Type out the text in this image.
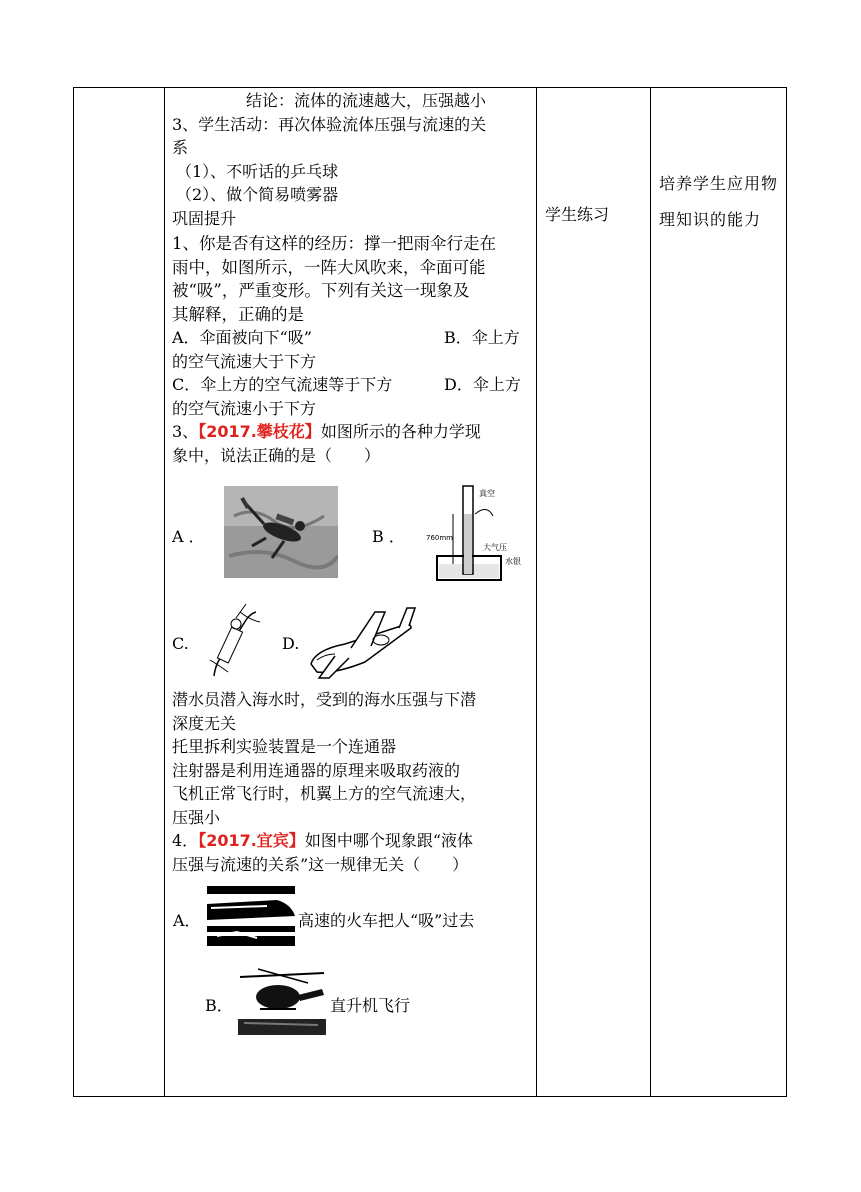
结论：流体的流速越大，压强越小

3、学生活动：再次体验流体压强与流速的关

系

（1）、不听话的乒乓球

（2）、做个简易喷雾器

巩固提升

1、你是否有这样的经历：撑一把雨伞行走在

雨中，如图所示，一阵大风吹来，伞面可能

被“吸”，严重变形。下列有关这一现象及

其解释，正确的是

A．伞面被向下“吸”	B．伞上方

的空气流速大于下方

C．伞上方的空气流速等于下方	D．伞上方

的空气流速小于下方

3、【2017.攀枝花】如图所示的各种力学现

象中，说法正确的是（　　）

A ．	B ．
真空
760mm
大气压
水银
C.	D.

潜水员潜入海水时，受到的海水压强与下潜

深度无关

托里拆利实验装置是一个连通器

注射器是利用连通器的原理来吸取药液的

飞机正常飞行时，机翼上方的空气流速大，

压强小

4．【2017.宜宾】如图中哪个现象跟“液体

压强与流速的关系”这一规律无关（　　）

A．	高速的火车把人“吸”过去
B．	直升机飞行
学生练习
培养学生应用物理知识的能力
